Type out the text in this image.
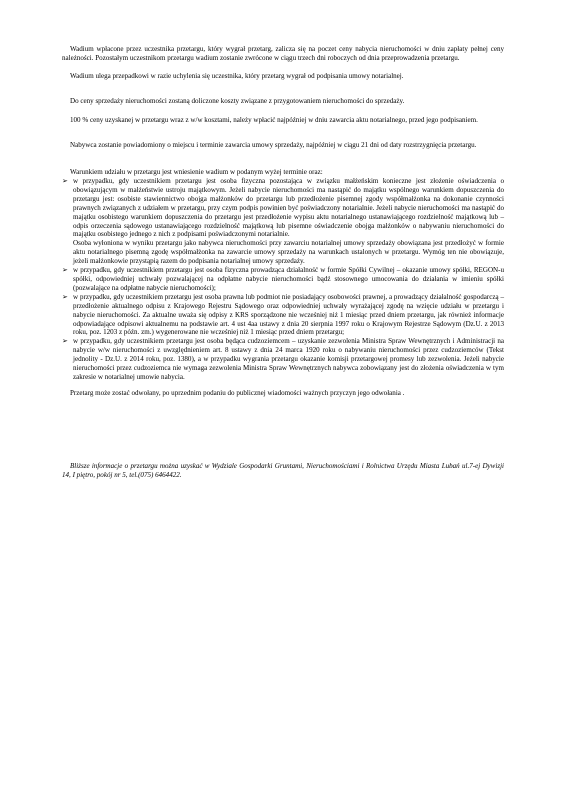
Wadium wpłacone przez uczestnika przetargu, który wygrał przetarg, zalicza się na poczet ceny nabycia nieruchomości w dniu zapłaty pełnej ceny należności. Pozostałym uczestnikom przetargu wadium zostanie zwrócone w ciągu trzech dni roboczych od dnia przeprowadzenia przetargu.

Wadium ulega przepadkowi w razie uchylenia się uczestnika, który przetarg wygrał od podpisania umowy notarialnej.

Do ceny sprzedaży nieruchomości zostaną doliczone koszty związane z przygotowaniem nieruchomości do sprzedaży.

100 % ceny uzyskanej w przetargu wraz z w/w kosztami, należy wpłacić najpóźniej w dniu zawarcia aktu notarialnego, przed jego podpisaniem.

Nabywca zostanie powiadomiony o miejscu i terminie zawarcia umowy sprzedaży, najpóźniej w ciągu 21 dni od daty rozstrzygnięcia przetargu.

Warunkiem udziału w przetargu jest wniesienie wadium w podanym wyżej terminie oraz:

➢ w przypadku, gdy uczestnikiem przetargu jest osoba fizyczna pozostająca w związku małżeńskim konieczne jest złożenie oświadczenia o obowiązującym w małżeństwie ustroju majątkowym. Jeżeli nabycie nieruchomości ma nastąpić do majątku wspólnego warunkiem dopuszczenia do przetargu jest: osobiste stawiennictwo obojga małżonków do przetargu lub przedłożenie pisemnej zgody współmałżonka na dokonanie czynności prawnych związanych z udziałem w przetargu, przy czym podpis powinien być poświadczony notarialnie. Jeżeli nabycie nieruchomości ma nastąpić do majątku osobistego warunkiem dopuszczenia do przetargu jest przedłożenie wypisu aktu notarialnego ustanawiającego rozdzielność majątkową lub – odpis orzeczenia sądowego ustanawiającego rozdzielność majątkową lub pisemne oświadczenie obojga małżonków o nabywaniu nieruchomości do majątku osobistego jednego z nich z podpisami poświadczonymi notarialnie.
Osoba wyłoniona w wyniku przetargu jako nabywca nieruchomości przy zawarciu notarialnej umowy sprzedaży obowiązana jest przedłożyć w formie aktu notarialnego pisemną zgodę współmałżonka na zawarcie umowy sprzedaży na warunkach ustalonych w przetargu. Wymóg ten nie obowiązuje, jeżeli małżonkowie przystąpią razem do podpisania notarialnej umowy sprzedaży.
➢ w przypadku, gdy uczestnikiem przetargu jest osoba fizyczna prowadząca działalność w formie Spółki Cywilnej – okazanie umowy spółki, REGON-u spółki, odpowiedniej uchwały pozwalającej na odpłatne nabycie nieruchomości bądź stosownego umocowania do działania w imieniu spółki (pozwalające na odpłatne nabycie nieruchomości);
➢ w przypadku, gdy uczestnikiem przetargu jest osoba prawna lub podmiot nie posiadający osobowości prawnej, a prowadzący działalność gospodarczą – przedłożenie aktualnego odpisu z Krajowego Rejestru Sądowego oraz odpowiedniej uchwały wyrażającej zgodę na wzięcie udziału w przetargu i nabycie nieruchomości. Za aktualne uważa się odpisy z KRS sporządzone nie wcześniej niż 1 miesiąc przed dniem przetargu, jak również informacje odpowiadające odpisowi aktualnemu na podstawie art. 4 ust 4aa ustawy z dnia 20 sierpnia 1997 roku o Krajowym Rejestrze Sądowym (Dz.U. z 2013 roku, poz. 1203 z późn. zm.) wygenerowane nie wcześniej niż 1 miesiąc przed dniem przetargu;
➢ w przypadku, gdy uczestnikiem przetargu jest osoba będąca cudzoziemcem – uzyskanie zezwolenia Ministra Spraw Wewnętrznych i Administracji na nabycie w/w nieruchomości z uwzględnieniem art. 8 ustawy z dnia 24 marca 1920 roku o nabywaniu nieruchomości przez cudzoziemców (Tekst jednolity - Dz.U. z 2014 roku, poz. 1380), a w przypadku wygrania przetargu okazanie komisji przetargowej promesy lub zezwolenia. Jeżeli nabycie nieruchomości przez cudzoziemca nie wymaga zezwolenia Ministra Spraw Wewnętrznych nabywca zobowiązany jest do złożenia oświadczenia w tym zakresie w notarialnej umowie nabycia.

Przetarg może zostać odwołany, po uprzednim podaniu do publicznej wiadomości ważnych przyczyn jego odwołania .

Bliższe informacje o przetargu można uzyskać w Wydziale Gospodarki Gruntami, Nieruchomościami i Rolnictwa Urzędu Miasta Lubań ul.7-ej Dywizji 14, I piętro, pokój nr 5, tel.(075) 6464422.
